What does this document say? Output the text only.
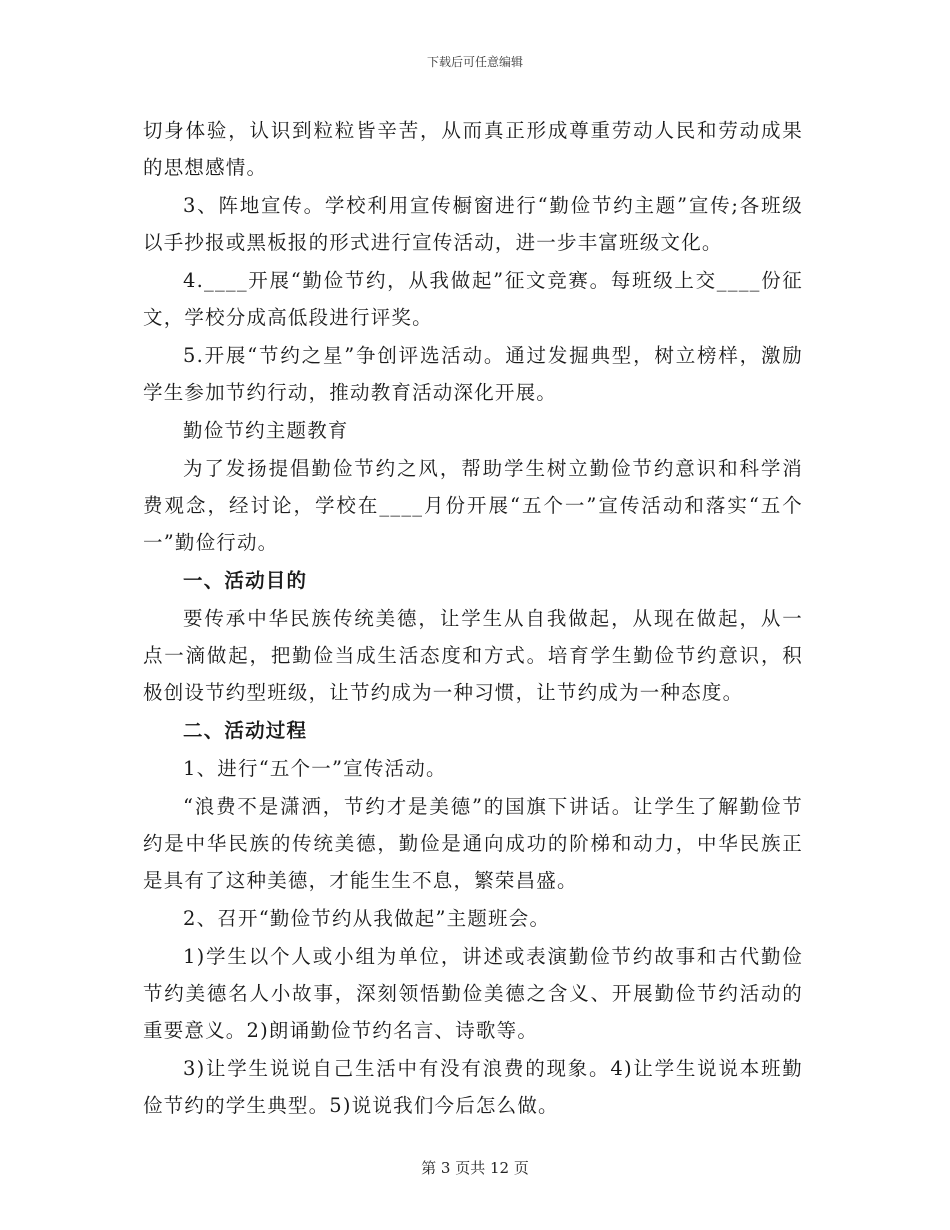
下载后可任意编辑

切身体验，认识到粒粒皆辛苦，从而真正形成尊重劳动人民和劳动成果的思想感情。

3、阵地宣传。学校利用宣传橱窗进行“勤俭节约主题”宣传;各班级以手抄报或黑板报的形式进行宣传活动，进一步丰富班级文化。

4.____开展“勤俭节约，从我做起”征文竞赛。每班级上交____份征文，学校分成高低段进行评奖。

5.开展“节约之星”争创评选活动。通过发掘典型，树立榜样，激励学生参加节约行动，推动教育活动深化开展。

勤俭节约主题教育

为了发扬提倡勤俭节约之风，帮助学生树立勤俭节约意识和科学消费观念，经讨论，学校在____月份开展“五个一”宣传活动和落实“五个一”勤俭行动。

一、活动目的

要传承中华民族传统美德，让学生从自我做起，从现在做起，从一点一滴做起，把勤俭当成生活态度和方式。培育学生勤俭节约意识，积极创设节约型班级，让节约成为一种习惯，让节约成为一种态度。

二、活动过程

1、进行“五个一”宣传活动。

“浪费不是潇洒，节约才是美德”的国旗下讲话。让学生了解勤俭节约是中华民族的传统美德，勤俭是通向成功的阶梯和动力，中华民族正是具有了这种美德，才能生生不息，繁荣昌盛。

2、召开“勤俭节约从我做起”主题班会。

1)学生以个人或小组为单位，讲述或表演勤俭节约故事和古代勤俭节约美德名人小故事，深刻领悟勤俭美德之含义、开展勤俭节约活动的重要意义。2)朗诵勤俭节约名言、诗歌等。

3)让学生说说自己生活中有没有浪费的现象。4)让学生说说本班勤俭节约的学生典型。5)说说我们今后怎么做。

第 3 页共 12 页
